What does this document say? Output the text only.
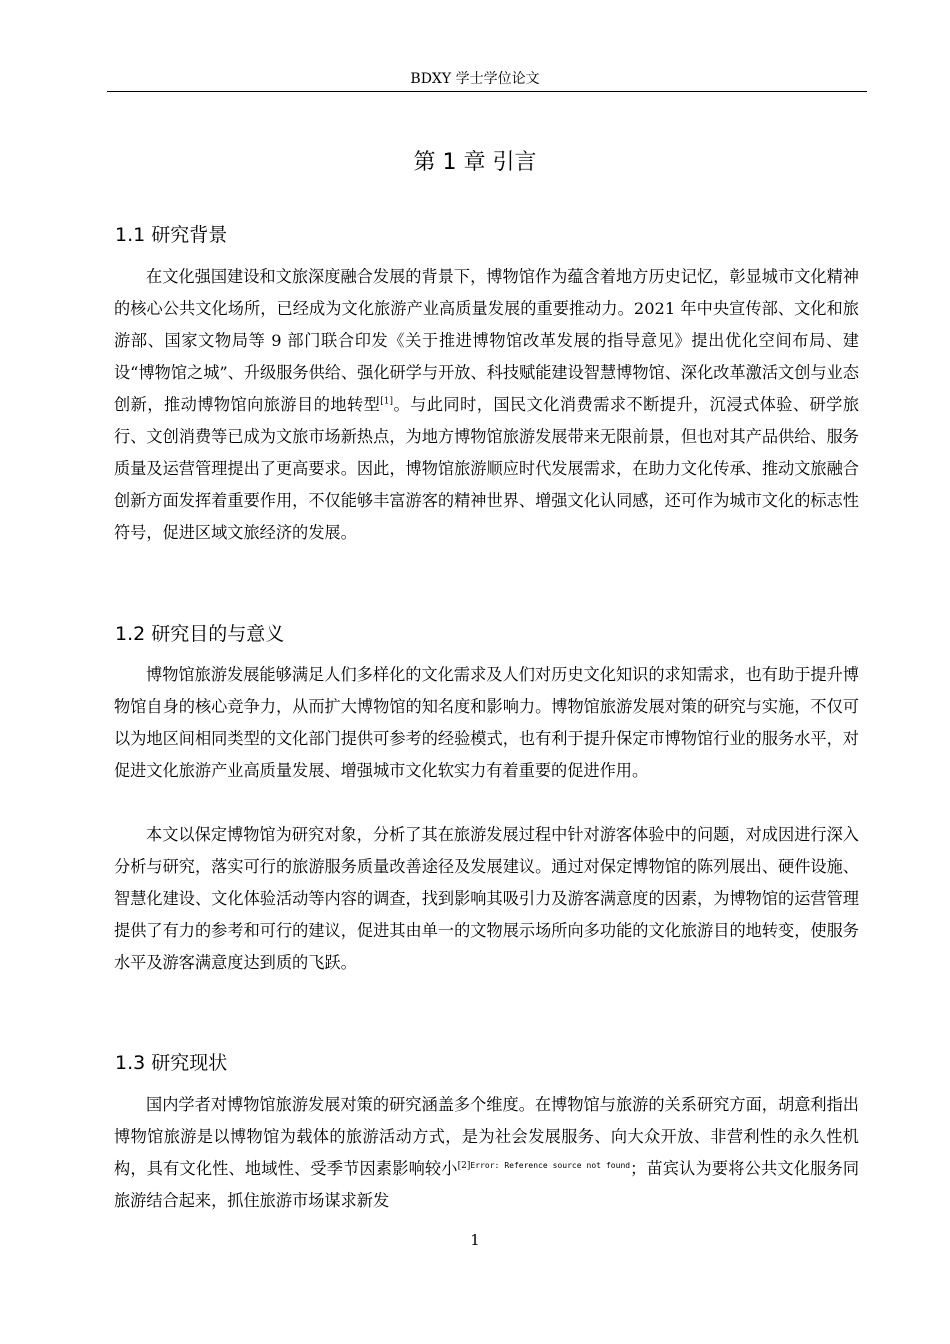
BDXY 学士学位论文
第 1 章 引言
1.1 研究背景

在文化强国建设和文旅深度融合发展的背景下，博物馆作为蕴含着地方历史记忆，彰显城市文化精神的核心公共文化场所，已经成为文化旅游产业高质量发展的重要推动力。2021 年中央宣传部、文化和旅游部、国家文物局等 9 部门联合印发《关于推进博物馆改革发展的指导意见》提出优化空间布局、建设“博物馆之城”、升级服务供给、强化研学与开放、科技赋能建设智慧博物馆、深化改革激活文创与业态创新，推动博物馆向旅游目的地转型[1]。与此同时，国民文化消费需求不断提升，沉浸式体验、研学旅行、文创消费等已成为文旅市场新热点，为地方博物馆旅游发展带来无限前景，但也对其产品供给、服务质量及运营管理提出了更高要求。因此，博物馆旅游顺应时代发展需求，在助力文化传承、推动文旅融合创新方面发挥着重要作用，不仅能够丰富游客的精神世界、增强文化认同感，还可作为城市文化的标志性符号，促进区域文旅经济的发展。

1.2 研究目的与意义

博物馆旅游发展能够满足人们多样化的文化需求及人们对历史文化知识的求知需求，也有助于提升博物馆自身的核心竞争力，从而扩大博物馆的知名度和影响力。博物馆旅游发展对策的研究与实施，不仅可以为地区间相同类型的文化部门提供可参考的经验模式，也有利于提升保定市博物馆行业的服务水平，对促进文化旅游产业高质量发展、增强城市文化软实力有着重要的促进作用。

本文以保定博物馆为研究对象，分析了其在旅游发展过程中针对游客体验中的问题，对成因进行深入分析与研究，落实可行的旅游服务质量改善途径及发展建议。通过对保定博物馆的陈列展出、硬件设施、智慧化建设、文化体验活动等内容的调查，找到影响其吸引力及游客满意度的因素，为博物馆的运营管理提供了有力的参考和可行的建议，促进其由单一的文物展示场所向多功能的文化旅游目的地转变，使服务水平及游客满意度达到质的飞跃。

1.3 研究现状

国内学者对博物馆旅游发展对策的研究涵盖多个维度。在博物馆与旅游的关系研究方面，胡意利指出博物馆旅游是以博物馆为载体的旅游活动方式，是为社会发展服务、向大众开放、非营利性的永久性机构，具有文化性、地域性、受季节因素影响较小$^{[2]Error: Reference source not found}$；苗宾认为要将公共文化服务同旅游结合起来，抓住旅游市场谋求新发

1
